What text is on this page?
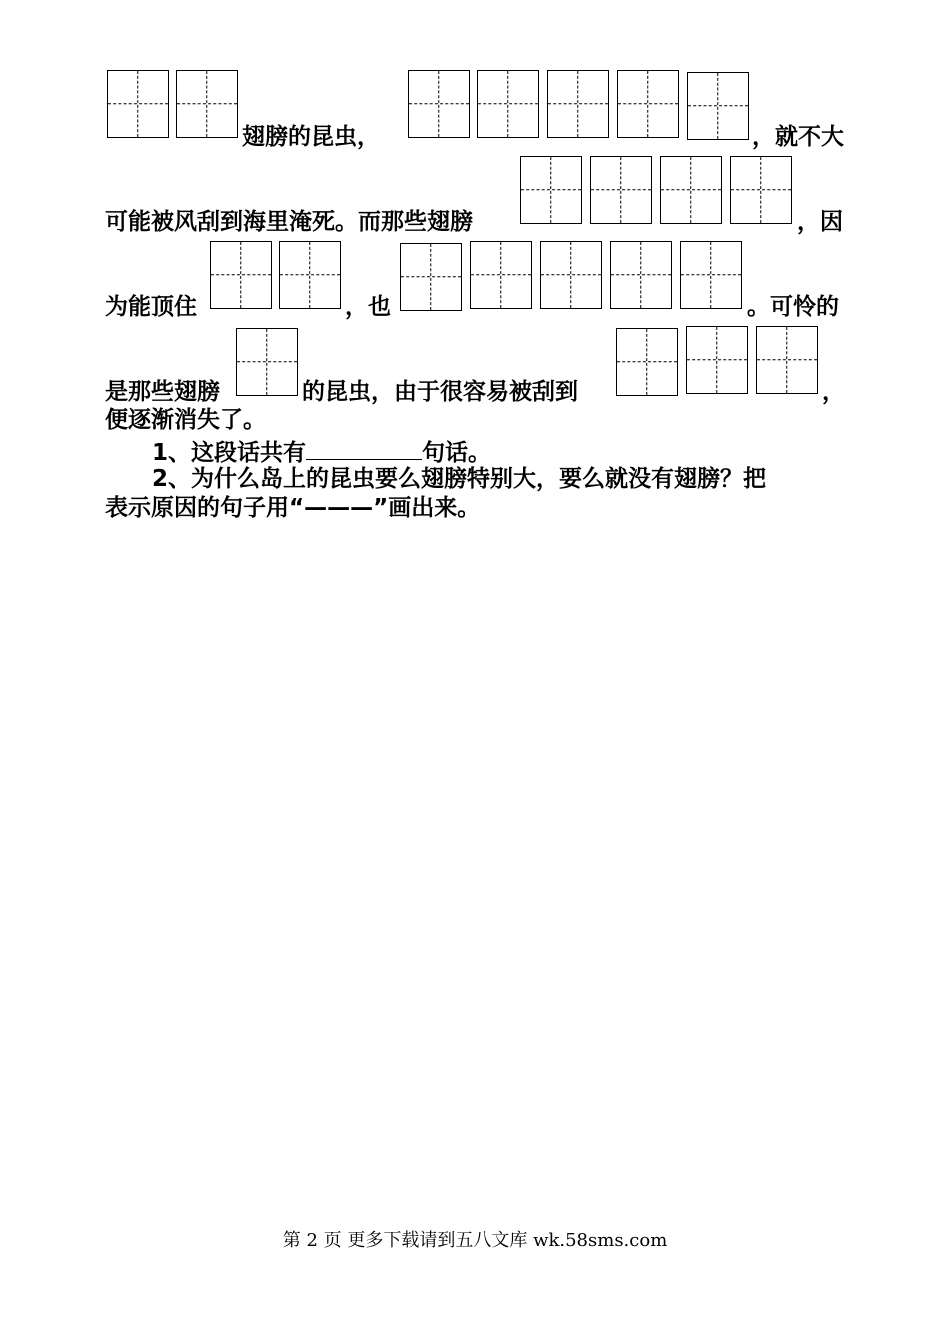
翅膀的昆虫，	，就不大
可能被风刮到海里淹死。而那些翅膀	，因
为能顶住	，也	。可怜的
是那些翅膀	的昆虫，由于很容易被刮到	，
便逐渐消失了。
1、这段话共有	句话。
2、为什么岛上的昆虫要么翅膀特别大，要么就没有翅膀？把
表示原因的句子用“———”画出来。
第 2 页 更多下载请到五八文库 wk.58sms.com
